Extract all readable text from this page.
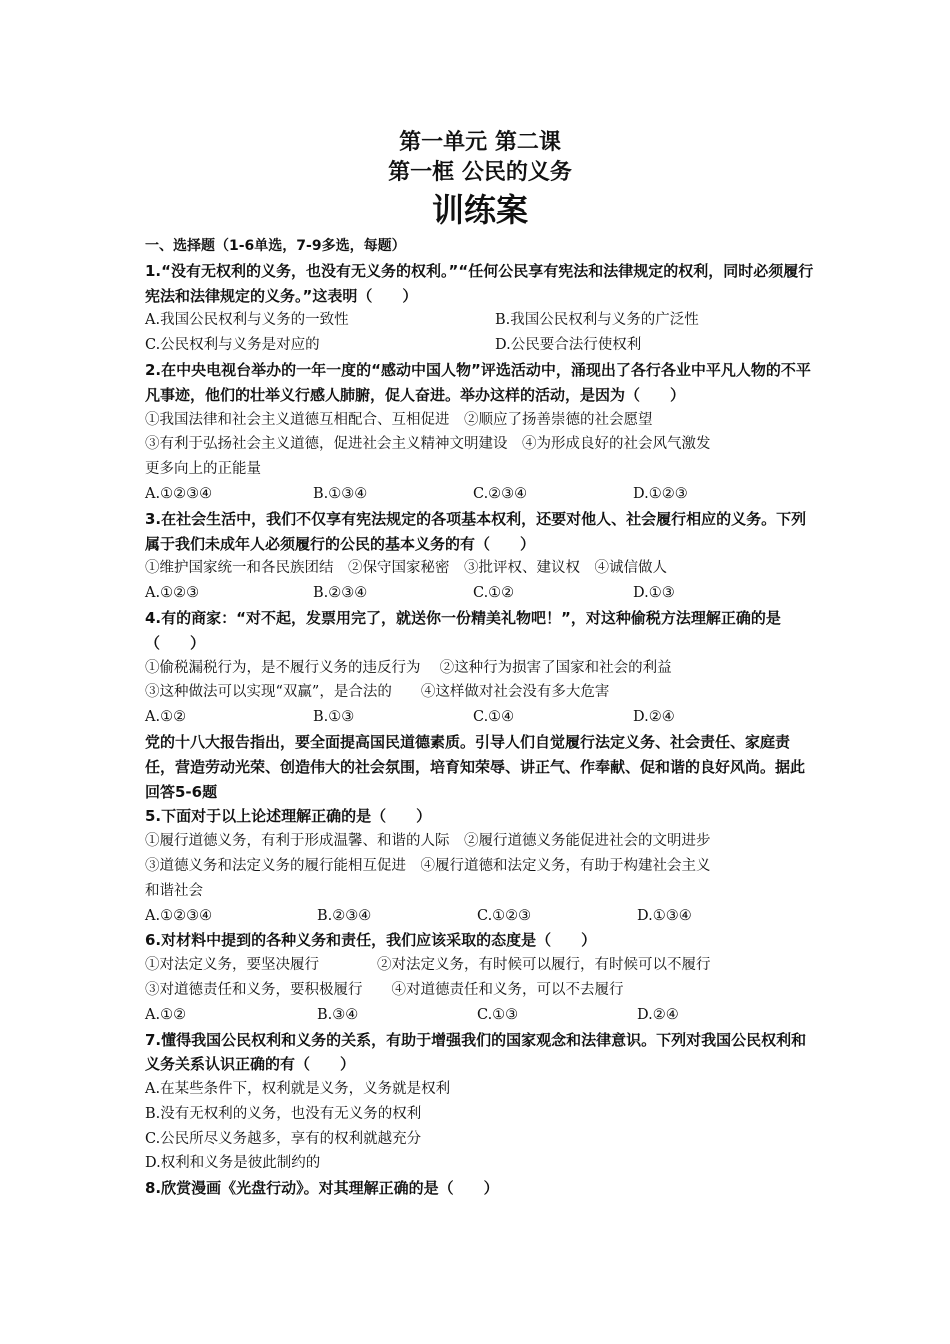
第一单元 第二课
第一框 公民的义务
训练案
一、选择题（1-6单选，7-9多选，每题）
1.“没有无权利的义务，也没有无义务的权利。”“任何公民享有宪法和法律规定的权利，同时必须履行宪法和法律规定的义务。”这表明（　　）
A.我国公民权利与义务的一致性	B.我国公民权利与义务的广泛性
C.公民权利与义务是对应的	D.公民要合法行使权利
2.在中央电视台举办的一年一度的“感动中国人物”评选活动中，涌现出了各行各业中平凡人物的不平凡事迹，他们的壮举义行感人肺腑，促人奋进。举办这样的活动，是因为（　　）
①我国法律和社会主义道德互相配合、互相促进　②顺应了扬善崇德的社会愿望
③有利于弘扬社会主义道德，促进社会主义精神文明建设　④为形成良好的社会风气激发
更多向上的正能量
A.①②③④	B.①③④	C.②③④	D.①②③
3.在社会生活中，我们不仅享有宪法规定的各项基本权利，还要对他人、社会履行相应的义务。下列属于我们未成年人必须履行的公民的基本义务的有（　　）
①维护国家统一和各民族团结　②保守国家秘密　③批评权、建议权　④诚信做人
A.①②③	B.②③④	C.①②	D.①③
4.有的商家：“对不起，发票用完了，就送你一份精美礼物吧！”，对这种偷税方法理解正确的是（　　）
①偷税漏税行为，是不履行义务的违反行为　 ②这种行为损害了国家和社会的利益
③这种做法可以实现“双赢”，是合法的　　④这样做对社会没有多大危害
A.①②	B.①③	C.①④	D.②④
党的十八大报告指出，要全面提高国民道德素质。引导人们自觉履行法定义务、社会责任、家庭责任，营造劳动光荣、创造伟大的社会氛围，培育知荣辱、讲正气、作奉献、促和谐的良好风尚。据此回答5-6题
5.下面对于以上论述理解正确的是（　　）
①履行道德义务，有利于形成温馨、和谐的人际　②履行道德义务能促进社会的文明进步
③道德义务和法定义务的履行能相互促进　④履行道德和法定义务，有助于构建社会主义
和谐社会
A.①②③④	B.②③④	C.①②③	D.①③④
6.对材料中提到的各种义务和责任，我们应该采取的态度是（　　）
①对法定义务，要坚决履行　　　　②对法定义务，有时候可以履行，有时候可以不履行
③对道德责任和义务，要积极履行　　④对道德责任和义务，可以不去履行
A.①②	B.③④	C.①③	D.②④
7.懂得我国公民权利和义务的关系，有助于增强我们的国家观念和法律意识。下列对我国公民权利和义务关系认识正确的有（　　）
A.在某些条件下，权利就是义务，义务就是权利
B.没有无权利的义务，也没有无义务的权利
C.公民所尽义务越多，享有的权利就越充分
D.权利和义务是彼此制约的
8.欣赏漫画《光盘行动》。对其理解正确的是（　　）
